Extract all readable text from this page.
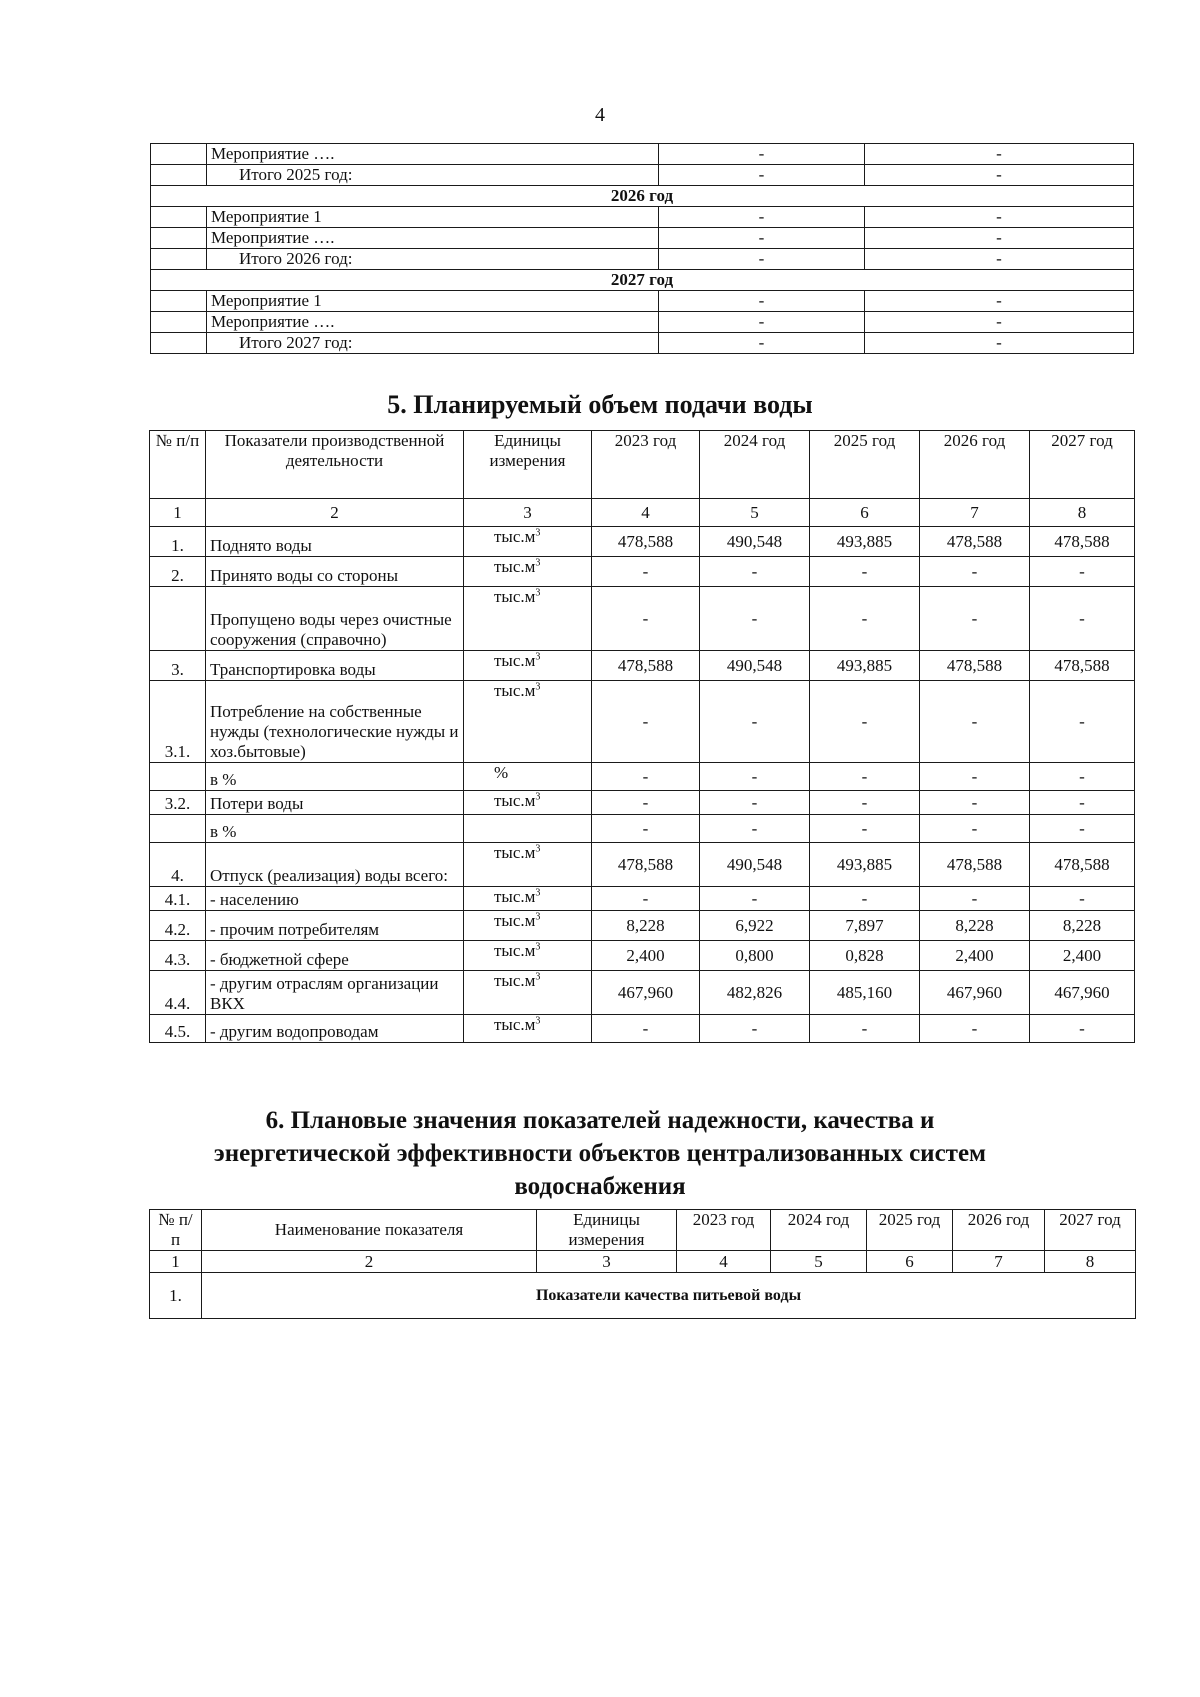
4
	Мероприятие ….	-	-
	Итого 2025 год:	-	-
2026 год			
	Мероприятие 1	-	-
	Мероприятие ….	-	-
	Итого 2026 год:	-	-
2027 год			
	Мероприятие 1	-	-
	Мероприятие ….	-	-
	Итого 2027 год:	-	-
5. Планируемый объем подачи воды
№ п/п	Показатели производственной деятельности	Единицы измерения	2023 год	2024 год	2025 год	2026 год	2027 год
1	2	3	4	5	6	7	8
1.	Поднято воды	$тыс.м^3$	478,588	490,548	493,885	478,588	478,588
2.	Принято воды со стороны	$тыс.м^3$	-	-	-	-	-
	Пропущено воды через очистные сооружения (справочно)	$тыс.м^3$	-	-	-	-	-
3.	Транспортировка воды	$тыс.м^3$	478,588	490,548	493,885	478,588	478,588
3.1.	Потребление на собственные нужды (технологические нужды и хоз.бытовые)	$тыс.м^3$	-	-	-	-	-
	в %	%	-	-	-	-	-
3.2.	Потери воды	$тыс.м^3$	-	-	-	-	-
	в %		-	-	-	-	-
4.	Отпуск (реализация) воды всего:	$тыс.м^3$	478,588	490,548	493,885	478,588	478,588
4.1.	- населению	$тыс.м^3$	-	-	-	-	-
4.2.	- прочим потребителям	$тыс.м^3$	8,228	6,922	7,897	8,228	8,228
4.3.	- бюджетной сфере	$тыс.м^3$	2,400	0,800	0,828	2,400	2,400
4.4.	- другим отраслям организации ВКХ	$тыс.м^3$	467,960	482,826	485,160	467,960	467,960
4.5.	- другим водопроводам	$тыс.м^3$	-	-	-	-	-
6. Плановые значения показателей надежности, качества и энергетической эффективности объектов централизованных систем водоснабжения
№ п/п	Наименование показателя	Единицы измерения	2023 год	2024 год	2025 год	2026 год	2027 год
1	2	3	4	5	6	7	8
1.	Показатели качества питьевой воды						
